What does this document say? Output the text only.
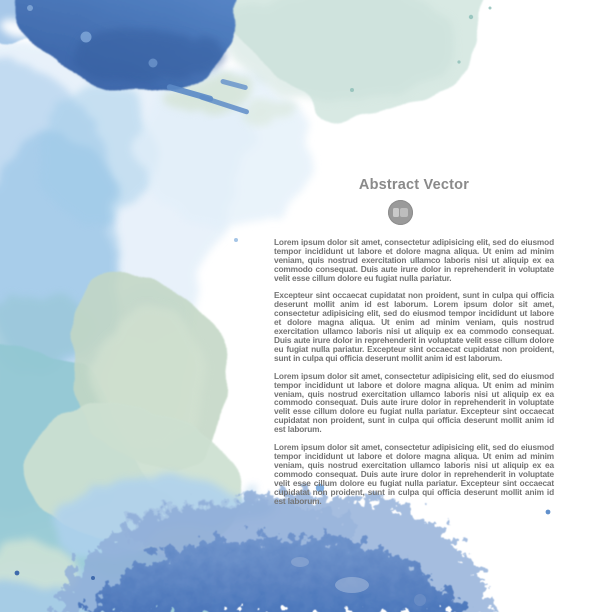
Abstract Vector

Lorem ipsum dolor sit amet, consectetur adipisicing elit, sed do eiusmod tempor incididunt ut labore et dolore magna aliqua. Ut enim ad minim veniam, quis nostrud exercitation ullamco laboris nisi ut aliquip ex ea commodo consequat. Duis aute irure dolor in reprehenderit in voluptate velit esse cillum dolore eu fugiat nulla pariatur.

Excepteur sint occaecat cupidatat non proident, sunt in culpa qui officia deserunt mollit anim id est laborum. Lorem ipsum dolor sit amet, consectetur adipisicing elit, sed do eiusmod tempor incididunt ut labore et dolore magna aliqua. Ut enim ad minim veniam, quis nostrud exercitation ullamco laboris nisi ut aliquip ex ea commodo consequat. Duis aute irure dolor in reprehenderit in voluptate velit esse cillum dolore eu fugiat nulla pariatur. Excepteur sint occaecat cupidatat non proident, sunt in culpa qui officia deserunt mollit anim id est laborum.

Lorem ipsum dolor sit amet, consectetur adipisicing elit, sed do eiusmod tempor incididunt ut labore et dolore magna aliqua. Ut enim ad minim veniam, quis nostrud exercitation ullamco laboris nisi ut aliquip ex ea commodo consequat. Duis aute irure dolor in reprehenderit in voluptate velit esse cillum dolore eu fugiat nulla pariatur. Excepteur sint occaecat cupidatat non proident, sunt in culpa qui officia deserunt mollit anim id est laborum.

Lorem ipsum dolor sit amet, consectetur adipisicing elit, sed do eiusmod tempor incididunt ut labore et dolore magna aliqua. Ut enim ad minim veniam, quis nostrud exercitation ullamco laboris nisi ut aliquip ex ea commodo consequat. Duis aute irure dolor in reprehenderit in voluptate velit esse cillum dolore eu fugiat nulla pariatur. Excepteur sint occaecat cupidatat non proident, sunt in culpa qui officia deserunt mollit anim id est laborum.
